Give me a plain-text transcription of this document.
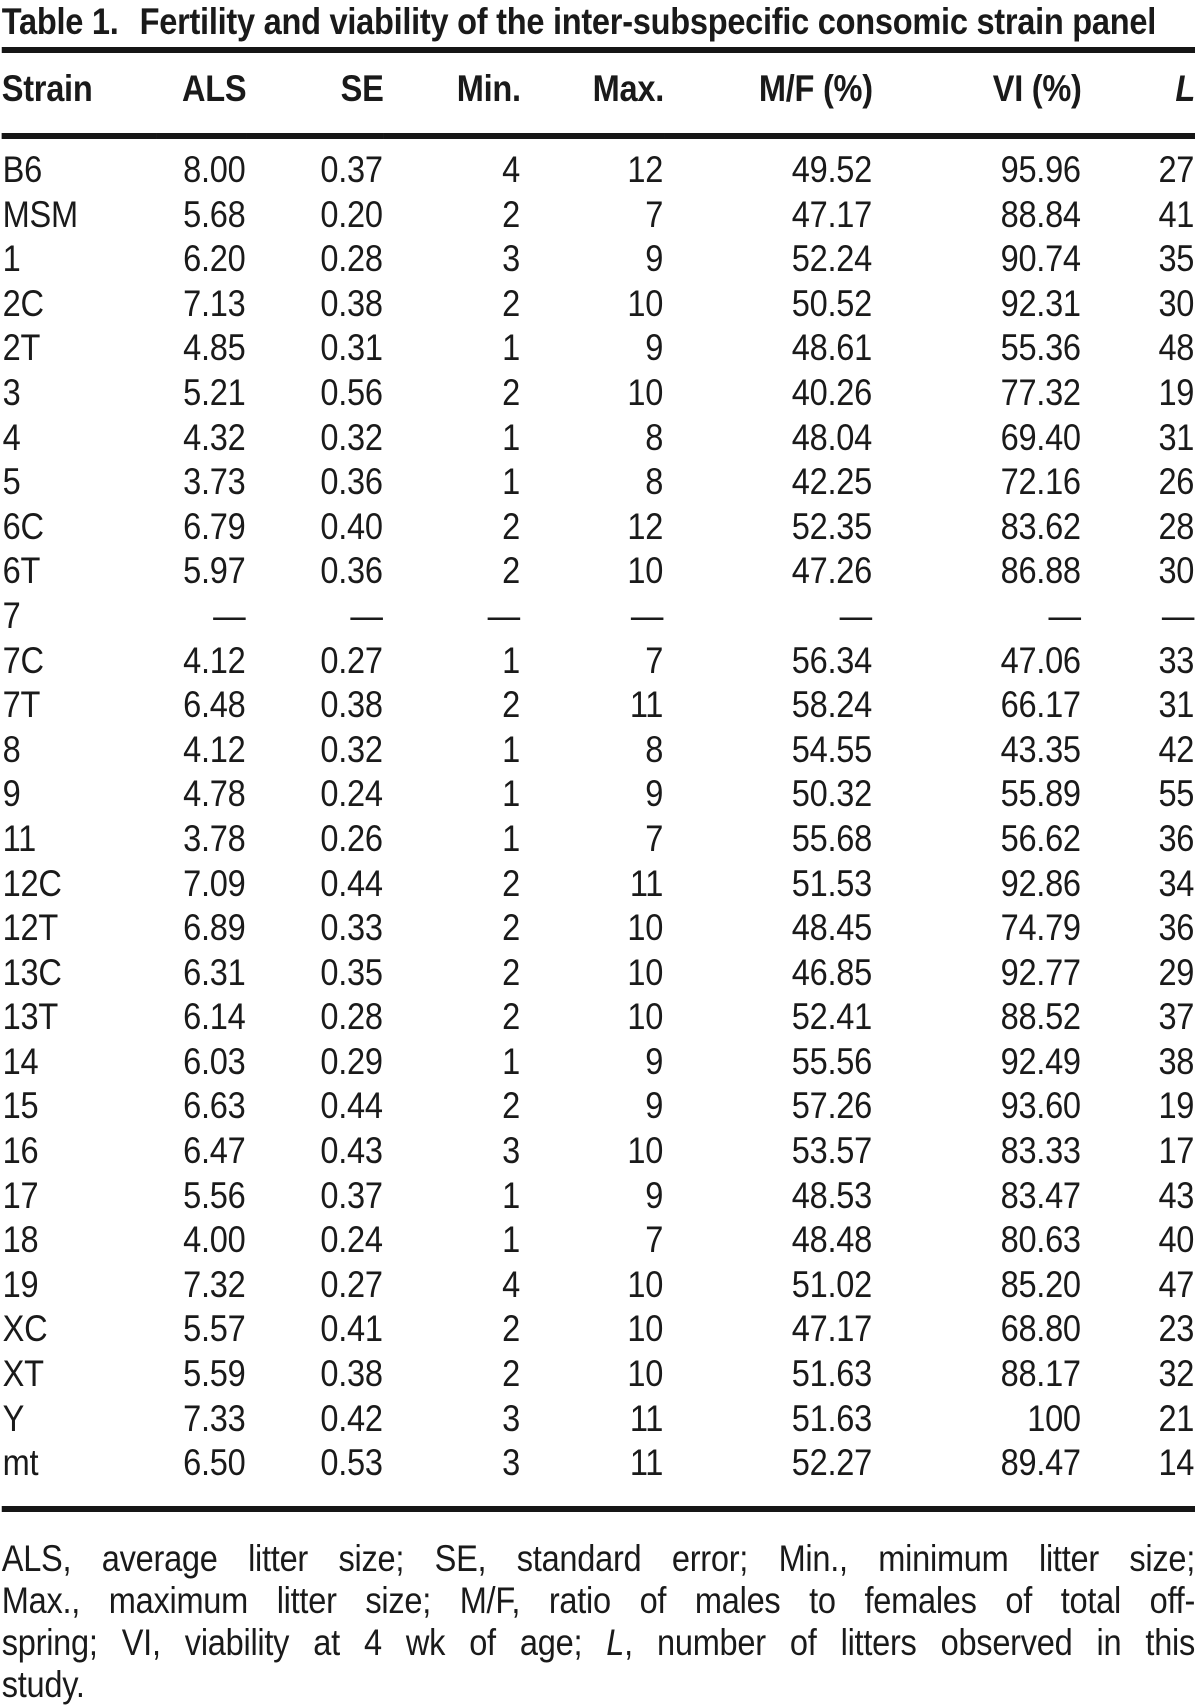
Table 1. Fertility and viability of the inter-subspecific consomic strain panel
Strain	ALS	SE	Min.	Max.	M/F (%)	VI (%)	L
B6	8.00	0.37	4	12	49.52	95.96	27
MSM	5.68	0.20	2	7	47.17	88.84	41
1	6.20	0.28	3	9	52.24	90.74	35
2C	7.13	0.38	2	10	50.52	92.31	30
2T	4.85	0.31	1	9	48.61	55.36	48
3	5.21	0.56	2	10	40.26	77.32	19
4	4.32	0.32	1	8	48.04	69.40	31
5	3.73	0.36	1	8	42.25	72.16	26
6C	6.79	0.40	2	12	52.35	83.62	28
6T	5.97	0.36	2	10	47.26	86.88	30
7	—	—	—	—	—	—	—
7C	4.12	0.27	1	7	56.34	47.06	33
7T	6.48	0.38	2	11	58.24	66.17	31
8	4.12	0.32	1	8	54.55	43.35	42
9	4.78	0.24	1	9	50.32	55.89	55
11	3.78	0.26	1	7	55.68	56.62	36
12C	7.09	0.44	2	11	51.53	92.86	34
12T	6.89	0.33	2	10	48.45	74.79	36
13C	6.31	0.35	2	10	46.85	92.77	29
13T	6.14	0.28	2	10	52.41	88.52	37
14	6.03	0.29	1	9	55.56	92.49	38
15	6.63	0.44	2	9	57.26	93.60	19
16	6.47	0.43	3	10	53.57	83.33	17
17	5.56	0.37	1	9	48.53	83.47	43
18	4.00	0.24	1	7	48.48	80.63	40
19	7.32	0.27	4	10	51.02	85.20	47
XC	5.57	0.41	2	10	47.17	68.80	23
XT	5.59	0.38	2	10	51.63	88.17	32
Y	7.33	0.42	3	11	51.63	100	21
mt	6.50	0.53	3	11	52.27	89.47	14
ALS, average litter size; SE, standard error; Min., minimum litter size;
Max., maximum litter size; M/F, ratio of males to females of total off-
spring; VI, viability at 4 wk of age; L, number of litters observed in this
study.
